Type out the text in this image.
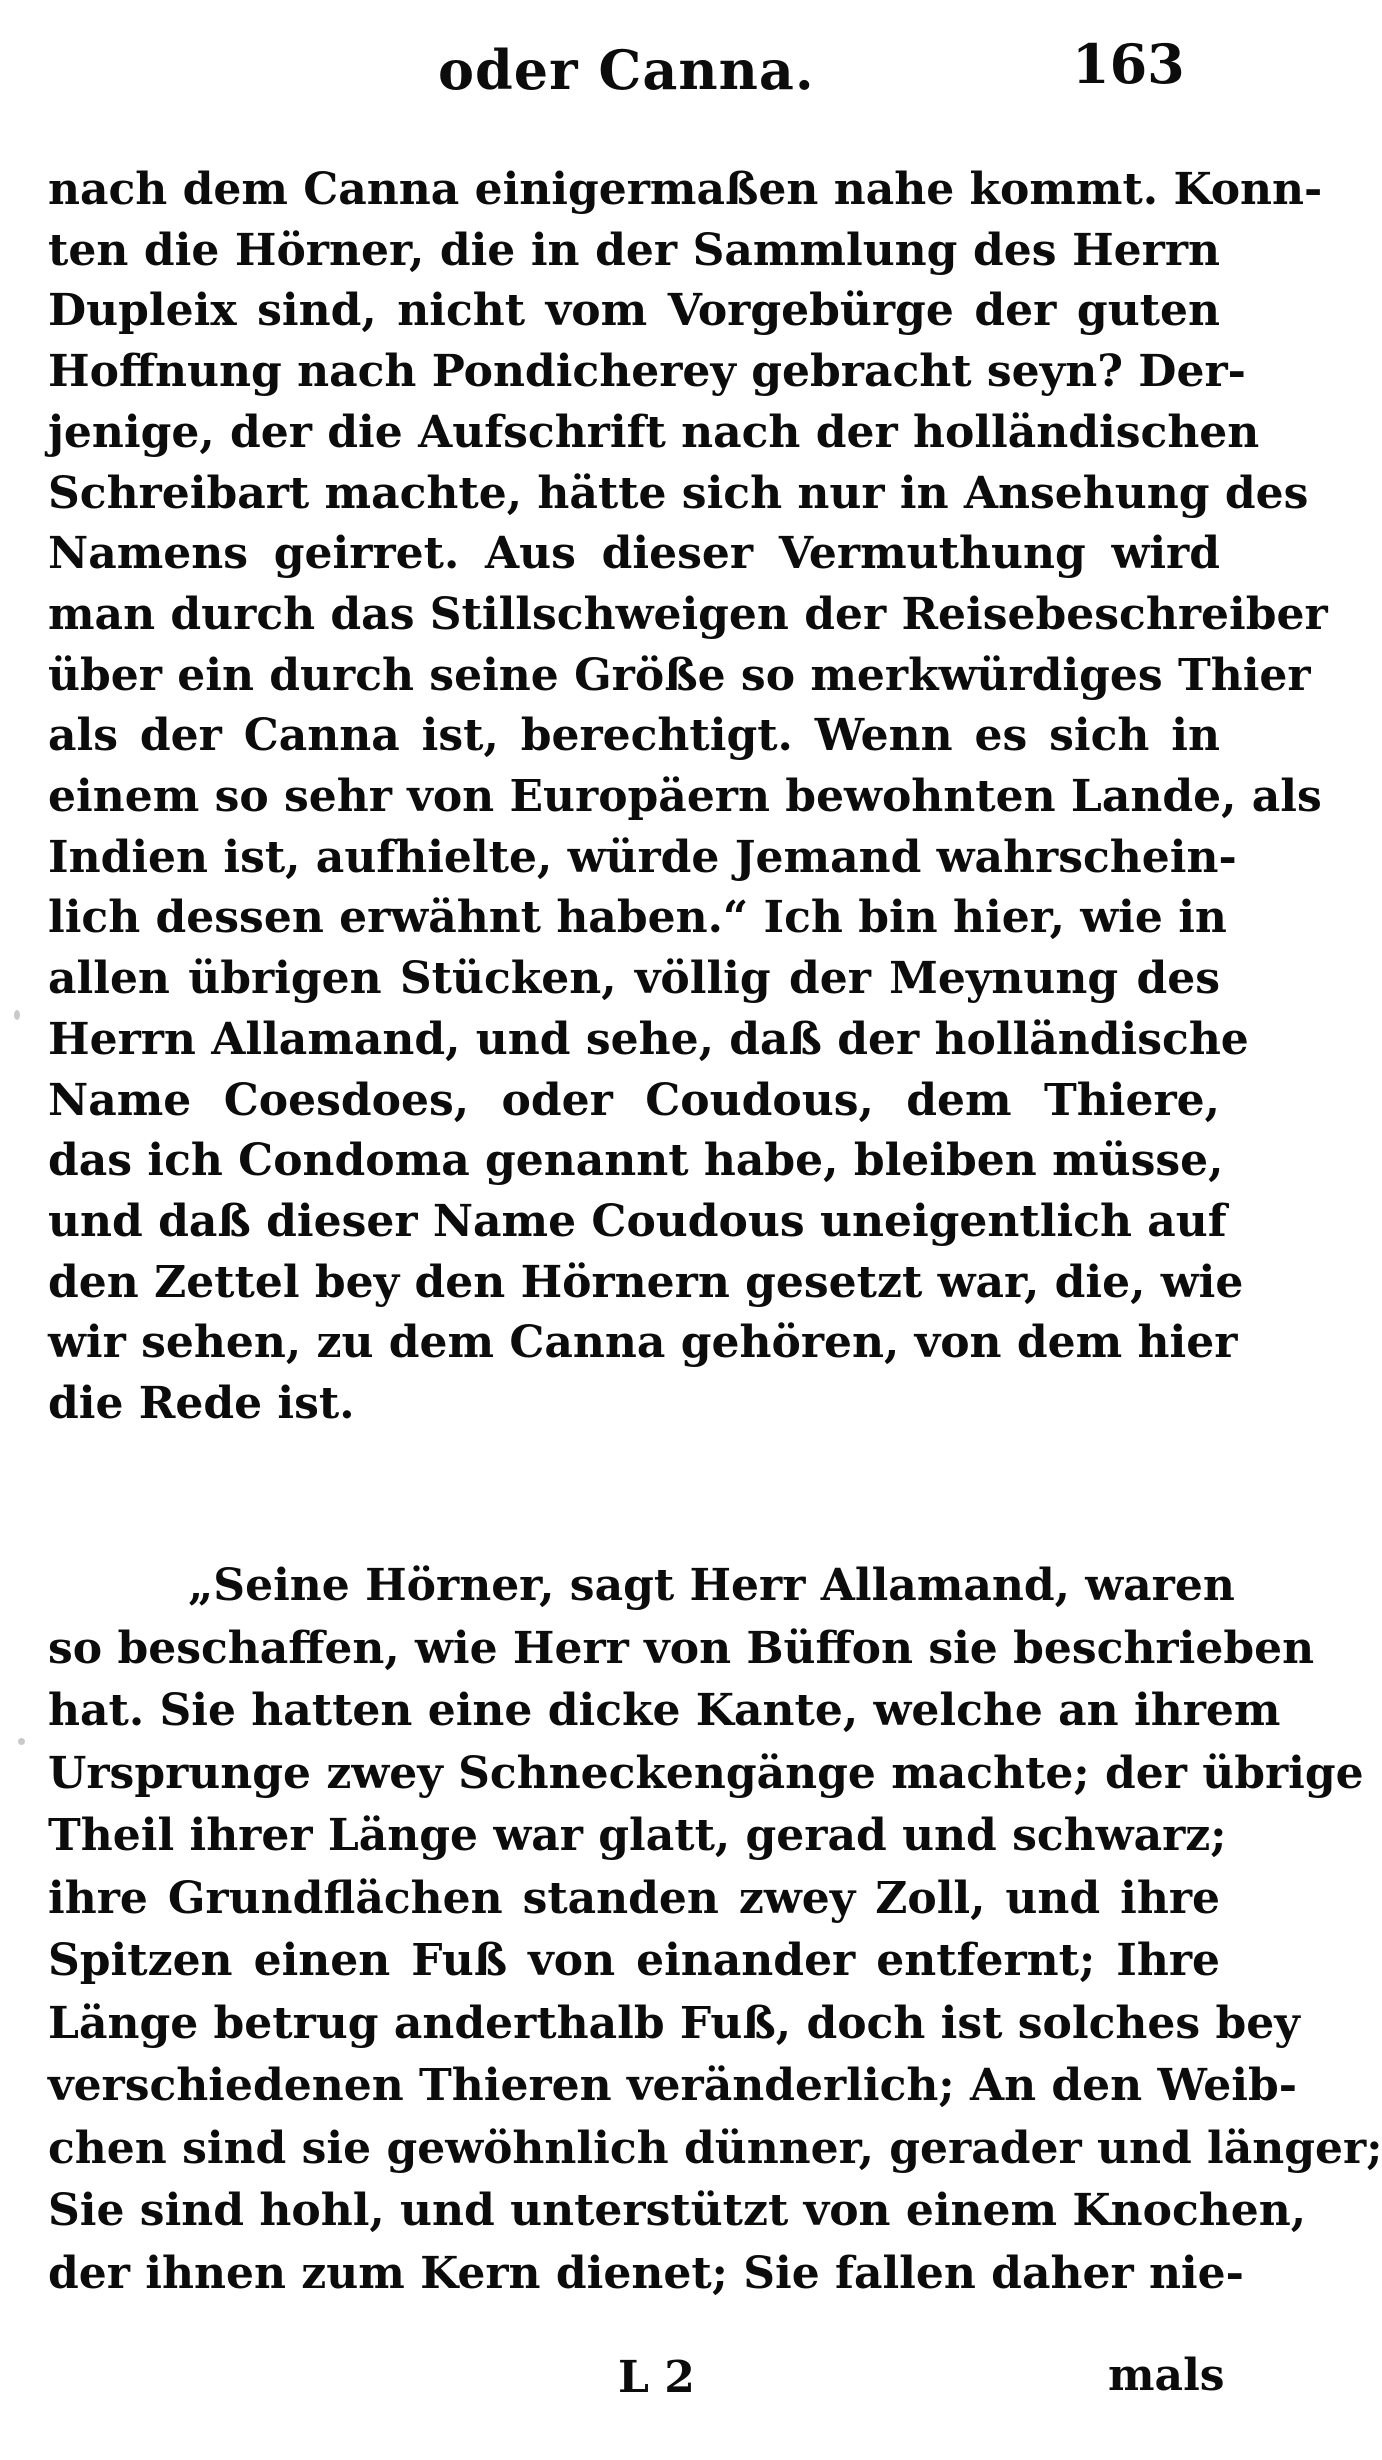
oder Canna.	163
nach dem Canna einigermaßen nahe kommt. Konn-
ten die Hörner, die in der Sammlung des Herrn
Dupleix sind, nicht vom Vorgebürge der guten
Hoffnung nach Pondicherey gebracht seyn? Der-
jenige, der die Aufschrift nach der holländischen
Schreibart machte, hätte sich nur in Ansehung des
Namens geirret. Aus dieser Vermuthung wird
man durch das Stillschweigen der Reisebeschreiber
über ein durch seine Größe so merkwürdiges Thier
als der Canna ist, berechtigt. Wenn es sich in
einem so sehr von Europäern bewohnten Lande, als
Indien ist, aufhielte, würde Jemand wahrschein-
lich dessen erwähnt haben.“ Ich bin hier, wie in
allen übrigen Stücken, völlig der Meynung des
Herrn Allamand, und sehe, daß der holländische
Name Coesdoes, oder Coudous, dem Thiere,
das ich Condoma genannt habe, bleiben müsse,
und daß dieser Name Coudous uneigentlich auf
den Zettel bey den Hörnern gesetzt war, die, wie
wir sehen, zu dem Canna gehören, von dem hier
die Rede ist.
„Seine Hörner, sagt Herr Allamand, waren
so beschaffen, wie Herr von Büffon sie beschrieben
hat. Sie hatten eine dicke Kante, welche an ihrem
Ursprunge zwey Schneckengänge machte; der übrige
Theil ihrer Länge war glatt, gerad und schwarz;
ihre Grundflächen standen zwey Zoll, und ihre
Spitzen einen Fuß von einander entfernt; Ihre
Länge betrug anderthalb Fuß, doch ist solches bey
verschiedenen Thieren veränderlich; An den Weib-
chen sind sie gewöhnlich dünner, gerader und länger;
Sie sind hohl, und unterstützt von einem Knochen,
der ihnen zum Kern dienet; Sie fallen daher nie-
L 2	mals
